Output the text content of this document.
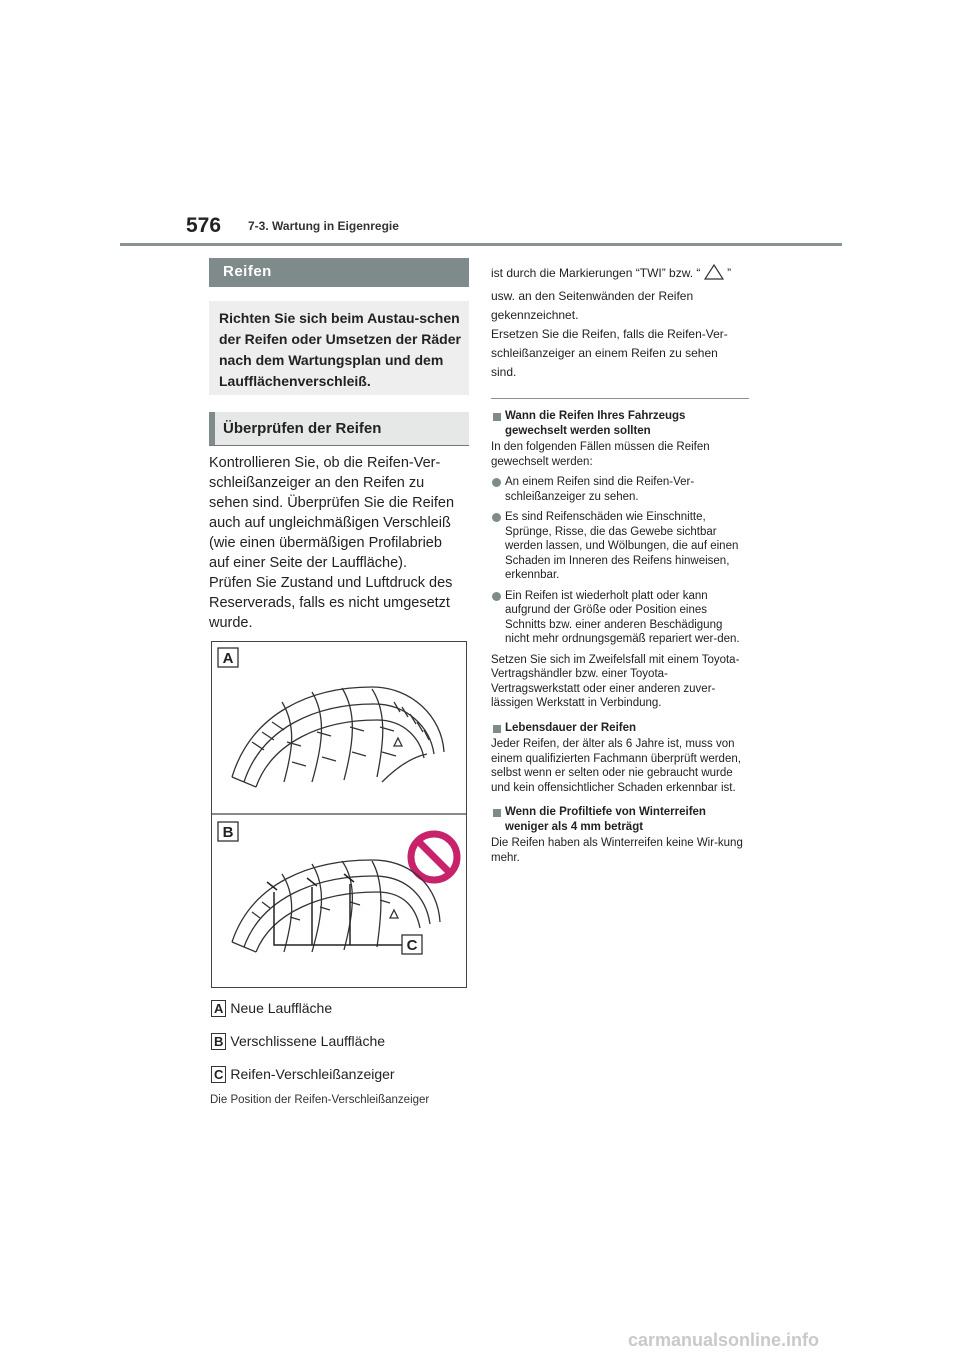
576 7-3. Wartung in Eigenregie
Reifen
Richten Sie sich beim Austau-schen der Reifen oder Umsetzen der Räder nach dem Wartungsplan und dem Laufflächenverschleiß.
Überprüfen der Reifen
Kontrollieren Sie, ob die Reifen-Ver-
schleißanzeiger an den Reifen zu
sehen sind. Überprüfen Sie die Reifen
auch auf ungleichmäßigen Verschleiß
(wie einen übermäßigen Profilabrieb
auf einer Seite der Lauffläche).
Prüfen Sie Zustand und Luftdruck des
Reserverads, falls es nicht umgesetzt
wurde.
A
B
C
A Neue Lauffläche
B Verschlissene Lauffläche
C Reifen-Verschleißanzeiger
Die Position der Reifen-Verschleißanzeiger
ist durch die Markierungen “TWI” bzw. “ ”
usw. an den Seitenwänden der Reifen
gekennzeichnet.
Ersetzen Sie die Reifen, falls die Reifen-Ver-
schleißanzeiger an einem Reifen zu sehen
sind.
Wann die Reifen Ihres Fahrzeugs gewechselt werden sollten
In den folgenden Fällen müssen die Reifen gewechselt werden:
An einem Reifen sind die Reifen-Ver-schleißanzeiger zu sehen.
Es sind Reifenschäden wie Einschnitte, Sprünge, Risse, die das Gewebe sichtbar werden lassen, und Wölbungen, die auf einen Schaden im Inneren des Reifens hinweisen, erkennbar.
Ein Reifen ist wiederholt platt oder kann aufgrund der Größe oder Position eines Schnitts bzw. einer anderen Beschädigung nicht mehr ordnungsgemäß repariert wer-den.
Setzen Sie sich im Zweifelsfall mit einem Toyota-Vertragshändler bzw. einer Toyota-Vertragswerkstatt oder einer anderen zuver-lässigen Werkstatt in Verbindung.
Lebensdauer der Reifen
Jeder Reifen, der älter als 6 Jahre ist, muss von einem qualifizierten Fachmann überprüft werden, selbst wenn er selten oder nie gebraucht wurde und kein offensichtlicher Schaden erkennbar ist.
Wenn die Profiltiefe von Winterreifen weniger als 4 mm beträgt
Die Reifen haben als Winterreifen keine Wir-kung mehr.
carmanualsonline.info
